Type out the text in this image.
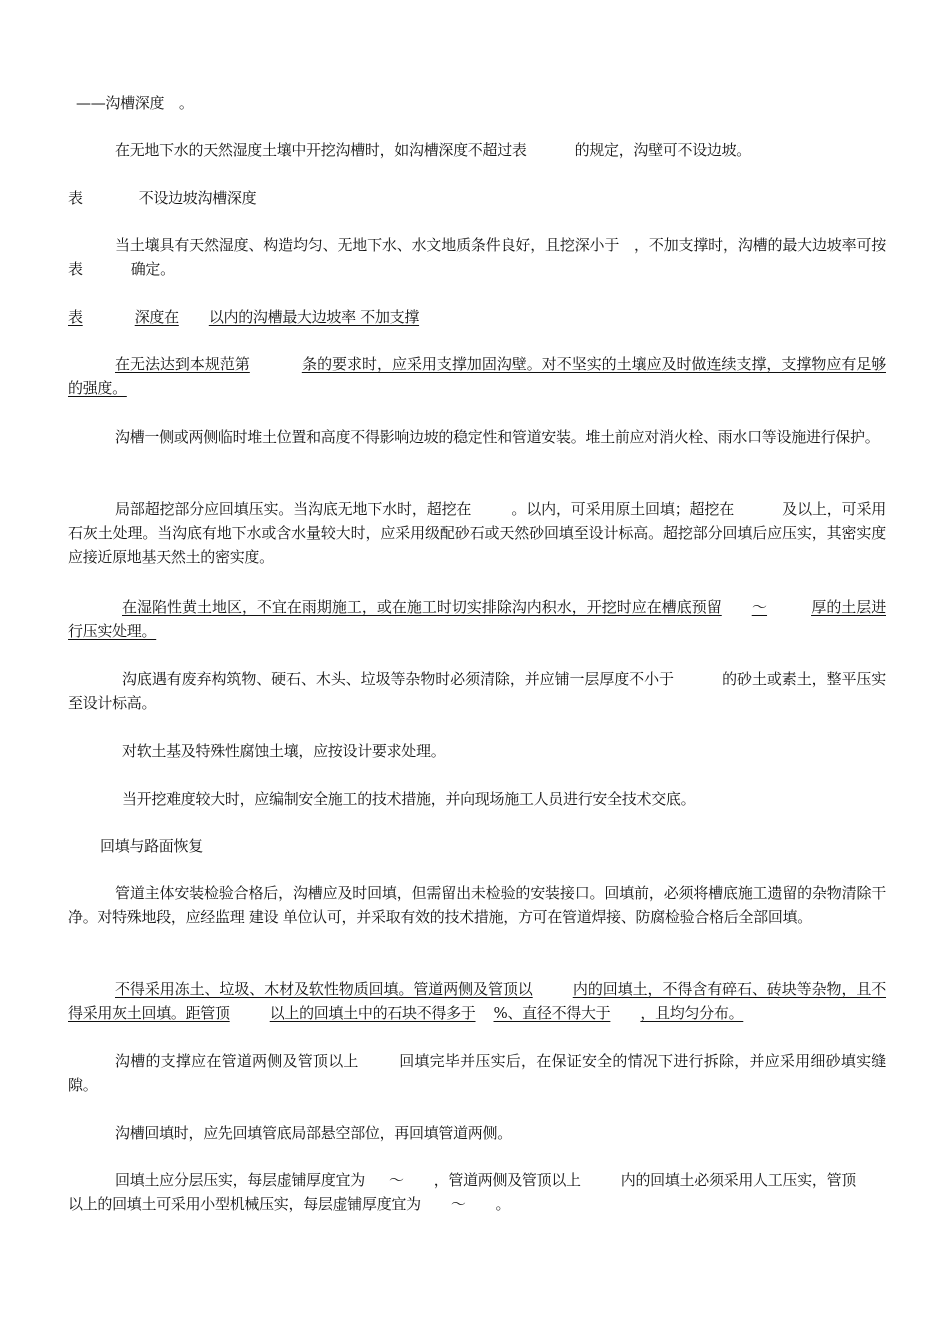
——沟槽深度　。

在无地下水的天然湿度土壤中开挖沟槽时，如沟槽深度不超过表	的规定，沟壁可不设边坡。

表	不设边坡沟槽深度

当土壤具有天然湿度、构造均匀、无地下水、水文地质条件良好，且挖深小于　，不加支撑时，沟槽的最大边坡率可按表	确定。

表	深度在 以内的沟槽最大边坡率 不加支撑

在无法达到本规范第	条的要求时，应采用支撑加固沟壁。对不坚实的土壤应及时做连续支撑，支撑物应有足够的强度。

沟槽一侧或两侧临时堆土位置和高度不得影响边坡的稳定性和管道安装。堆土前应对消火栓、雨水口等设施进行保护。

局部超挖部分应回填压实。当沟底无地下水时，超挖在	。以内，可采用原土回填；超挖在	及以上，可采用石灰土处理。当沟底有地下水或含水量较大时，应采用级配砂石或天然砂回填至设计标高。超挖部分回填后应压实，其密实度应接近原地基天然土的密实度。

在湿陷性黄土地区，不宜在雨期施工，或在施工时切实排除沟内积水，开挖时应在槽底预留 ～	厚的土层进行压实处理。

沟底遇有废弃构筑物、硬石、木头、垃圾等杂物时必须清除，并应铺一层厚度不小于	的砂土或素土，整平压实至设计标高。

对软土基及特殊性腐蚀土壤，应按设计要求处理。

当开挖难度较大时，应编制安全施工的技术措施，并向现场施工人员进行安全技术交底。

回填与路面恢复

管道主体安装检验合格后，沟槽应及时回填，但需留出未检验的安装接口。回填前，必须将槽底施工遗留的杂物清除干净。对特殊地段，应经监理 建设 单位认可，并采取有效的技术措施，方可在管道焊接、防腐检验合格后全部回填。

不得采用冻土、垃圾、木材及软性物质回填。管道两侧及管顶以	内的回填土，不得含有碎石、砖块等杂物，且不得采用灰土回填。距管顶	以上的回填土中的石块不得多于 %、直径不得大于 ，且均匀分布。

沟槽的支撑应在管道两侧及管顶以上	回填完毕并压实后，在保证安全的情况下进行拆除，并应采用细砂填实缝隙。

沟槽回填时，应先回填管底局部悬空部位，再回填管道两侧。

回填土应分层压实，每层虚铺厚度宜为 ～ ，管道两侧及管顶以上	内的回填土必须采用人工压实，管顶以上的回填土可采用小型机械压实，每层虚铺厚度宜为 ～ 。
